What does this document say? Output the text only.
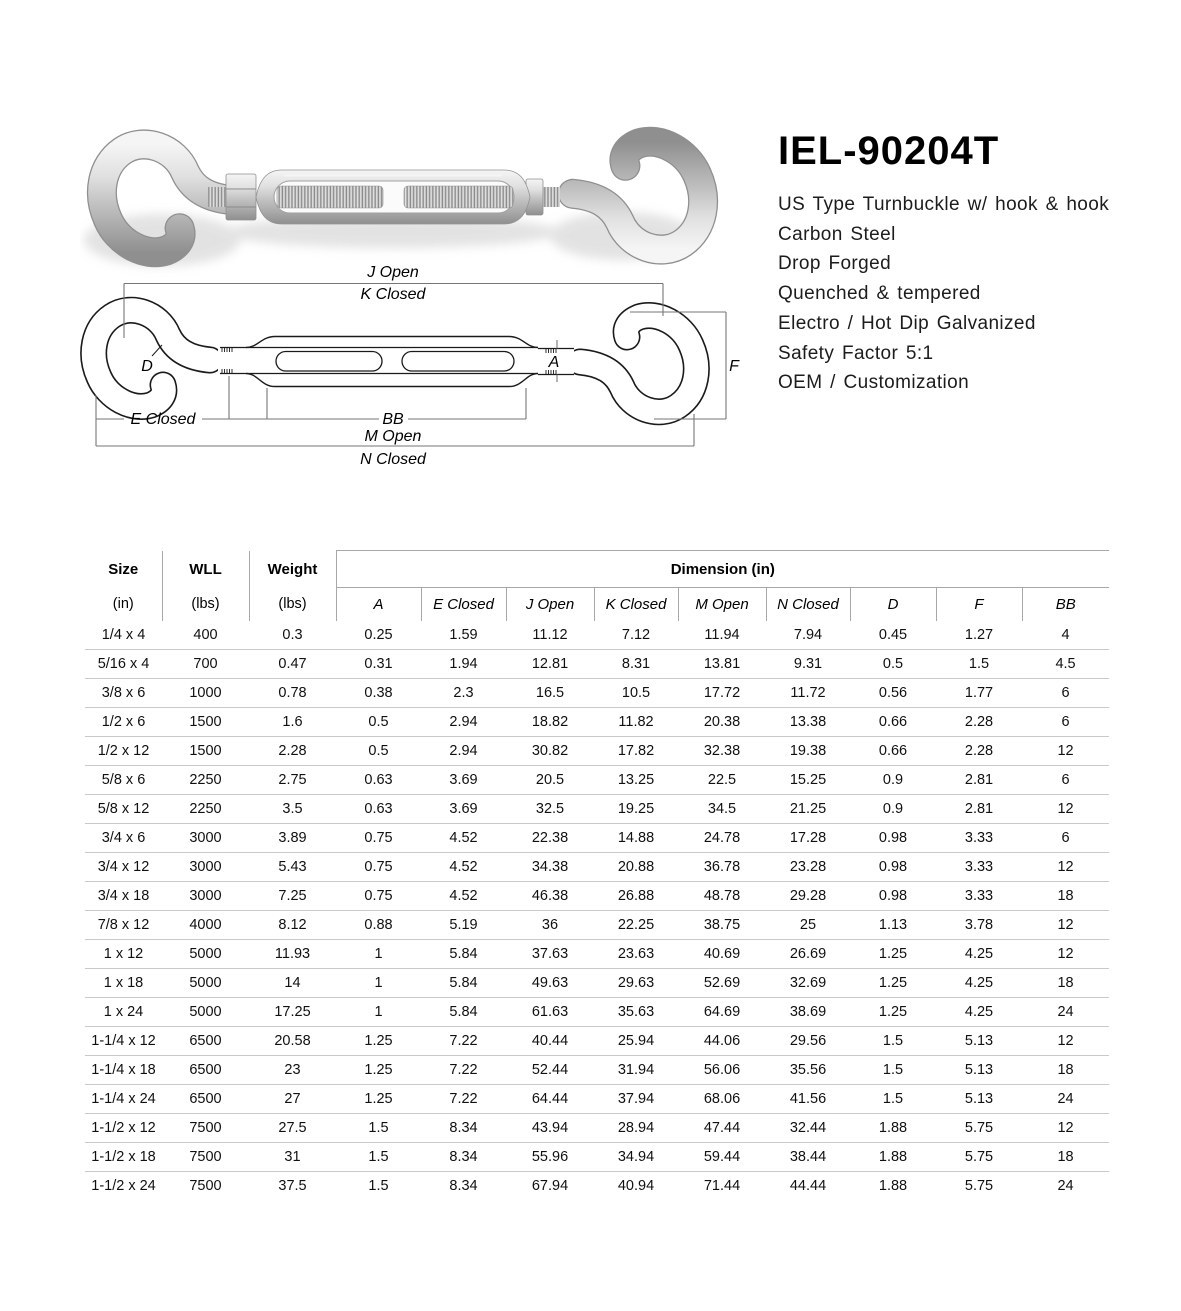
J Open
K Closed
E Closed	BB
M Open
N Closed
D	A	F
IEL-90204T
US Type Turnbuckle w/ hook & hook
Carbon Steel
Drop Forged
Quenched & tempered
Electro / Hot Dip Galvanized
Safety Factor 5:1
OEM / Customization
Size	WLL	Weight	Dimension (in)								
(in)	(lbs)	(lbs)	A	E Closed	J Open	K Closed	M Open	N Closed	D	F	BB
1/4 x 4	400	0.3	0.25	1.59	11.12	7.12	11.94	7.94	0.45	1.27	4
5/16 x 4	700	0.47	0.31	1.94	12.81	8.31	13.81	9.31	0.5	1.5	4.5
3/8 x 6	1000	0.78	0.38	2.3	16.5	10.5	17.72	11.72	0.56	1.77	6
1/2 x 6	1500	1.6	0.5	2.94	18.82	11.82	20.38	13.38	0.66	2.28	6
1/2 x 12	1500	2.28	0.5	2.94	30.82	17.82	32.38	19.38	0.66	2.28	12
5/8 x 6	2250	2.75	0.63	3.69	20.5	13.25	22.5	15.25	0.9	2.81	6
5/8 x 12	2250	3.5	0.63	3.69	32.5	19.25	34.5	21.25	0.9	2.81	12
3/4 x 6	3000	3.89	0.75	4.52	22.38	14.88	24.78	17.28	0.98	3.33	6
3/4 x 12	3000	5.43	0.75	4.52	34.38	20.88	36.78	23.28	0.98	3.33	12
3/4 x 18	3000	7.25	0.75	4.52	46.38	26.88	48.78	29.28	0.98	3.33	18
7/8 x 12	4000	8.12	0.88	5.19	36	22.25	38.75	25	1.13	3.78	12
1 x 12	5000	11.93	1	5.84	37.63	23.63	40.69	26.69	1.25	4.25	12
1 x 18	5000	14	1	5.84	49.63	29.63	52.69	32.69	1.25	4.25	18
1 x 24	5000	17.25	1	5.84	61.63	35.63	64.69	38.69	1.25	4.25	24
1-1/4 x 12	6500	20.58	1.25	7.22	40.44	25.94	44.06	29.56	1.5	5.13	12
1-1/4 x 18	6500	23	1.25	7.22	52.44	31.94	56.06	35.56	1.5	5.13	18
1-1/4 x 24	6500	27	1.25	7.22	64.44	37.94	68.06	41.56	1.5	5.13	24
1-1/2 x 12	7500	27.5	1.5	8.34	43.94	28.94	47.44	32.44	1.88	5.75	12
1-1/2 x 18	7500	31	1.5	8.34	55.96	34.94	59.44	38.44	1.88	5.75	18
1-1/2 x 24	7500	37.5	1.5	8.34	67.94	40.94	71.44	44.44	1.88	5.75	24
